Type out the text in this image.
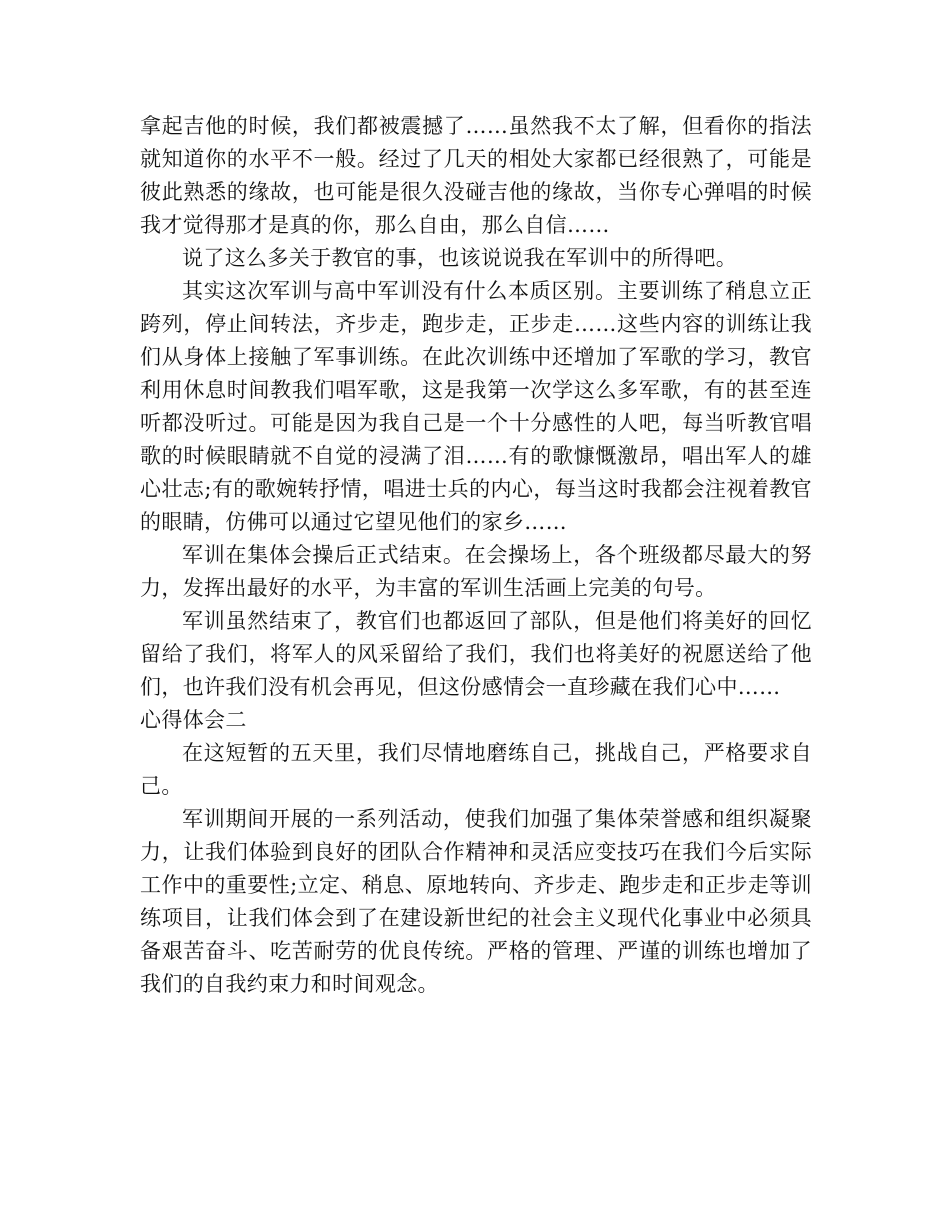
拿起吉他的时候，我们都被震撼了……虽然我不太了解，但看你的指法就知道你的水平不一般。经过了几天的相处大家都已经很熟了，可能是彼此熟悉的缘故，也可能是很久没碰吉他的缘故，当你专心弹唱的时候我才觉得那才是真的你，那么自由，那么自信……

说了这么多关于教官的事，也该说说我在军训中的所得吧。

其实这次军训与高中军训没有什么本质区别。主要训练了稍息立正跨列，停止间转法，齐步走，跑步走，正步走……这些内容的训练让我们从身体上接触了军事训练。在此次训练中还增加了军歌的学习，教官利用休息时间教我们唱军歌，这是我第一次学这么多军歌，有的甚至连听都没听过。可能是因为我自己是一个十分感性的人吧，每当听教官唱歌的时候眼睛就不自觉的浸满了泪……有的歌慷慨激昂，唱出军人的雄心壮志;有的歌婉转抒情，唱进士兵的内心，每当这时我都会注视着教官的眼睛，仿佛可以通过它望见他们的家乡……

军训在集体会操后正式结束。在会操场上，各个班级都尽最大的努力，发挥出最好的水平，为丰富的军训生活画上完美的句号。

军训虽然结束了，教官们也都返回了部队，但是他们将美好的回忆留给了我们，将军人的风采留给了我们，我们也将美好的祝愿送给了他们，也许我们没有机会再见，但这份感情会一直珍藏在我们心中……

心得体会二

在这短暂的五天里，我们尽情地磨练自己，挑战自己，严格要求自己。

军训期间开展的一系列活动，使我们加强了集体荣誉感和组织凝聚力，让我们体验到良好的团队合作精神和灵活应变技巧在我们今后实际工作中的重要性;立定、稍息、原地转向、齐步走、跑步走和正步走等训练项目，让我们体会到了在建设新世纪的社会主义现代化事业中必须具备艰苦奋斗、吃苦耐劳的优良传统。严格的管理、严谨的训练也增加了我们的自我约束力和时间观念。
